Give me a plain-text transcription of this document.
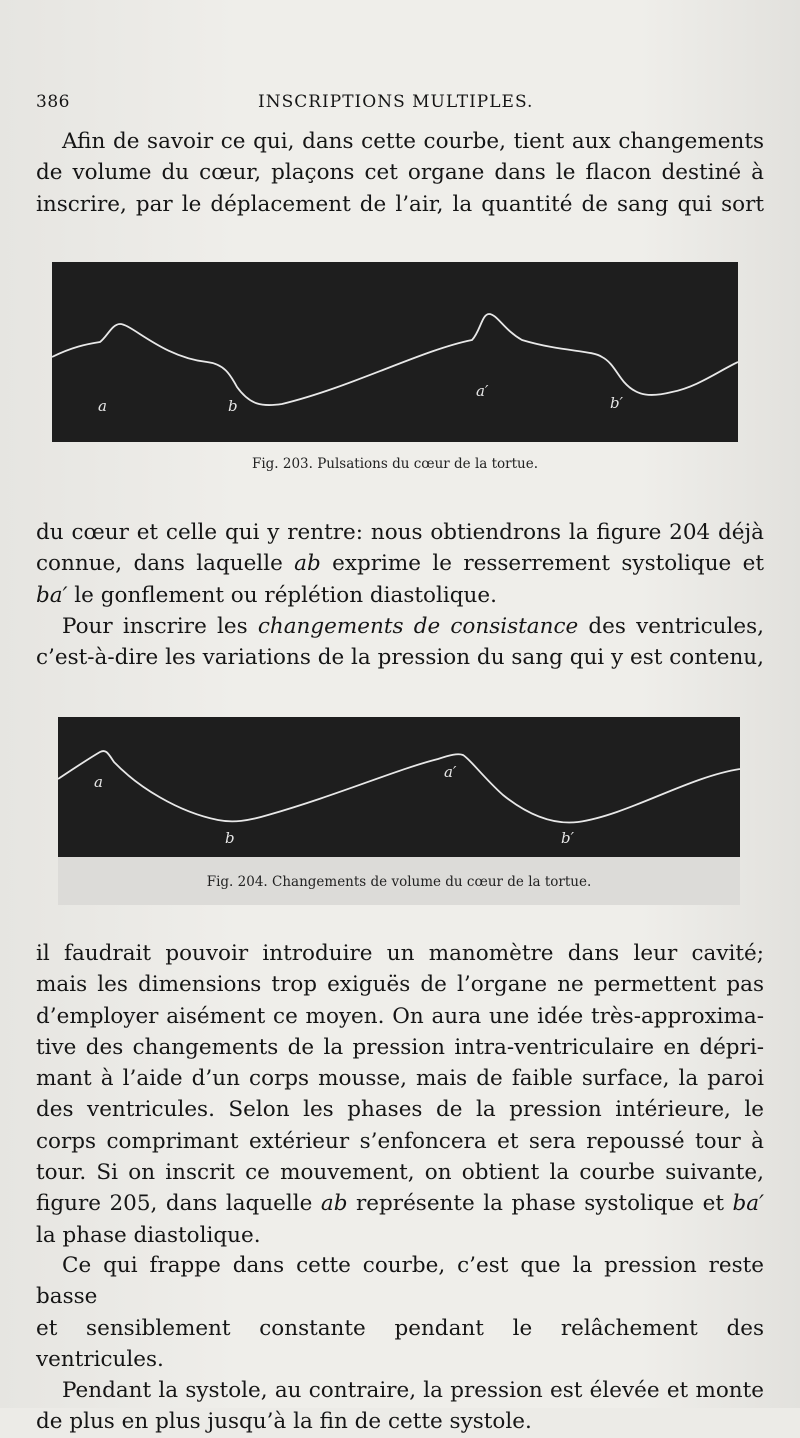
386	INSCRIPTIONS MULTIPLES.

Afin de savoir ce qui, dans cette courbe, tient aux changements

de volume du cœur, plaçons cet organe dans le flacon destiné à

inscrire, par le déplacement de l’air, la quantité de sang qui sort

a	b
a′
b′
Fig. 203. Pulsations du cœur de la tortue.

du cœur et celle qui y rentre: nous obtiendrons la figure 204 déjà

connue, dans laquelle ab exprime le resserrement systolique et

ba′ le gonflement ou réplétion diastolique.

Pour inscrire les changements de consistance des ventricules,

c’est-à-dire les variations de la pression du sang qui y est contenu,

a
b
a′
b′
Fig. 204. Changements de volume du cœur de la tortue.

il faudrait pouvoir introduire un manomètre dans leur cavité;

mais les dimensions trop exiguës de l’organe ne permettent pas

d’employer aisément ce moyen. On aura une idée très-approxima-

tive des changements de la pression intra-ventriculaire en dépri-

mant à l’aide d’un corps mousse, mais de faible surface, la paroi

des ventricules. Selon les phases de la pression intérieure, le

corps comprimant extérieur s’enfoncera et sera repoussé tour à

tour. Si on inscrit ce mouvement, on obtient la courbe suivante,

figure 205, dans laquelle ab représente la phase systolique et ba′

la phase diastolique.

Ce qui frappe dans cette courbe, c’est que la pression reste basse

et sensiblement constante pendant le relâchement des ventricules.

Pendant la systole, au contraire, la pression est élevée et monte

de plus en plus jusqu’à la fin de cette systole.
